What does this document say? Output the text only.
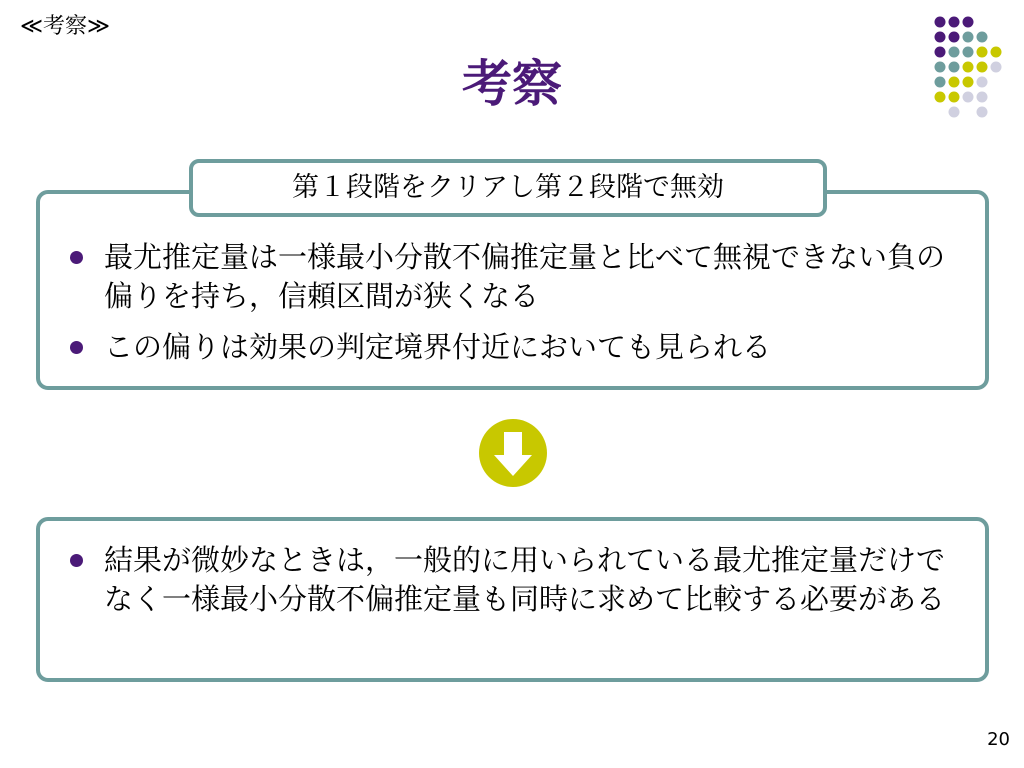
≪考察≫
考察
第１段階をクリアし第２段階で無効
最尤推定量は一様最小分散不偏推定量と比べて無視できない負の偏りを持ち，信頼区間が狭くなる
この偏りは効果の判定境界付近においても見られる
結果が微妙なときは，一般的に用いられている最尤推定量だけでなく一様最小分散不偏推定量も同時に求めて比較する必要がある
20
